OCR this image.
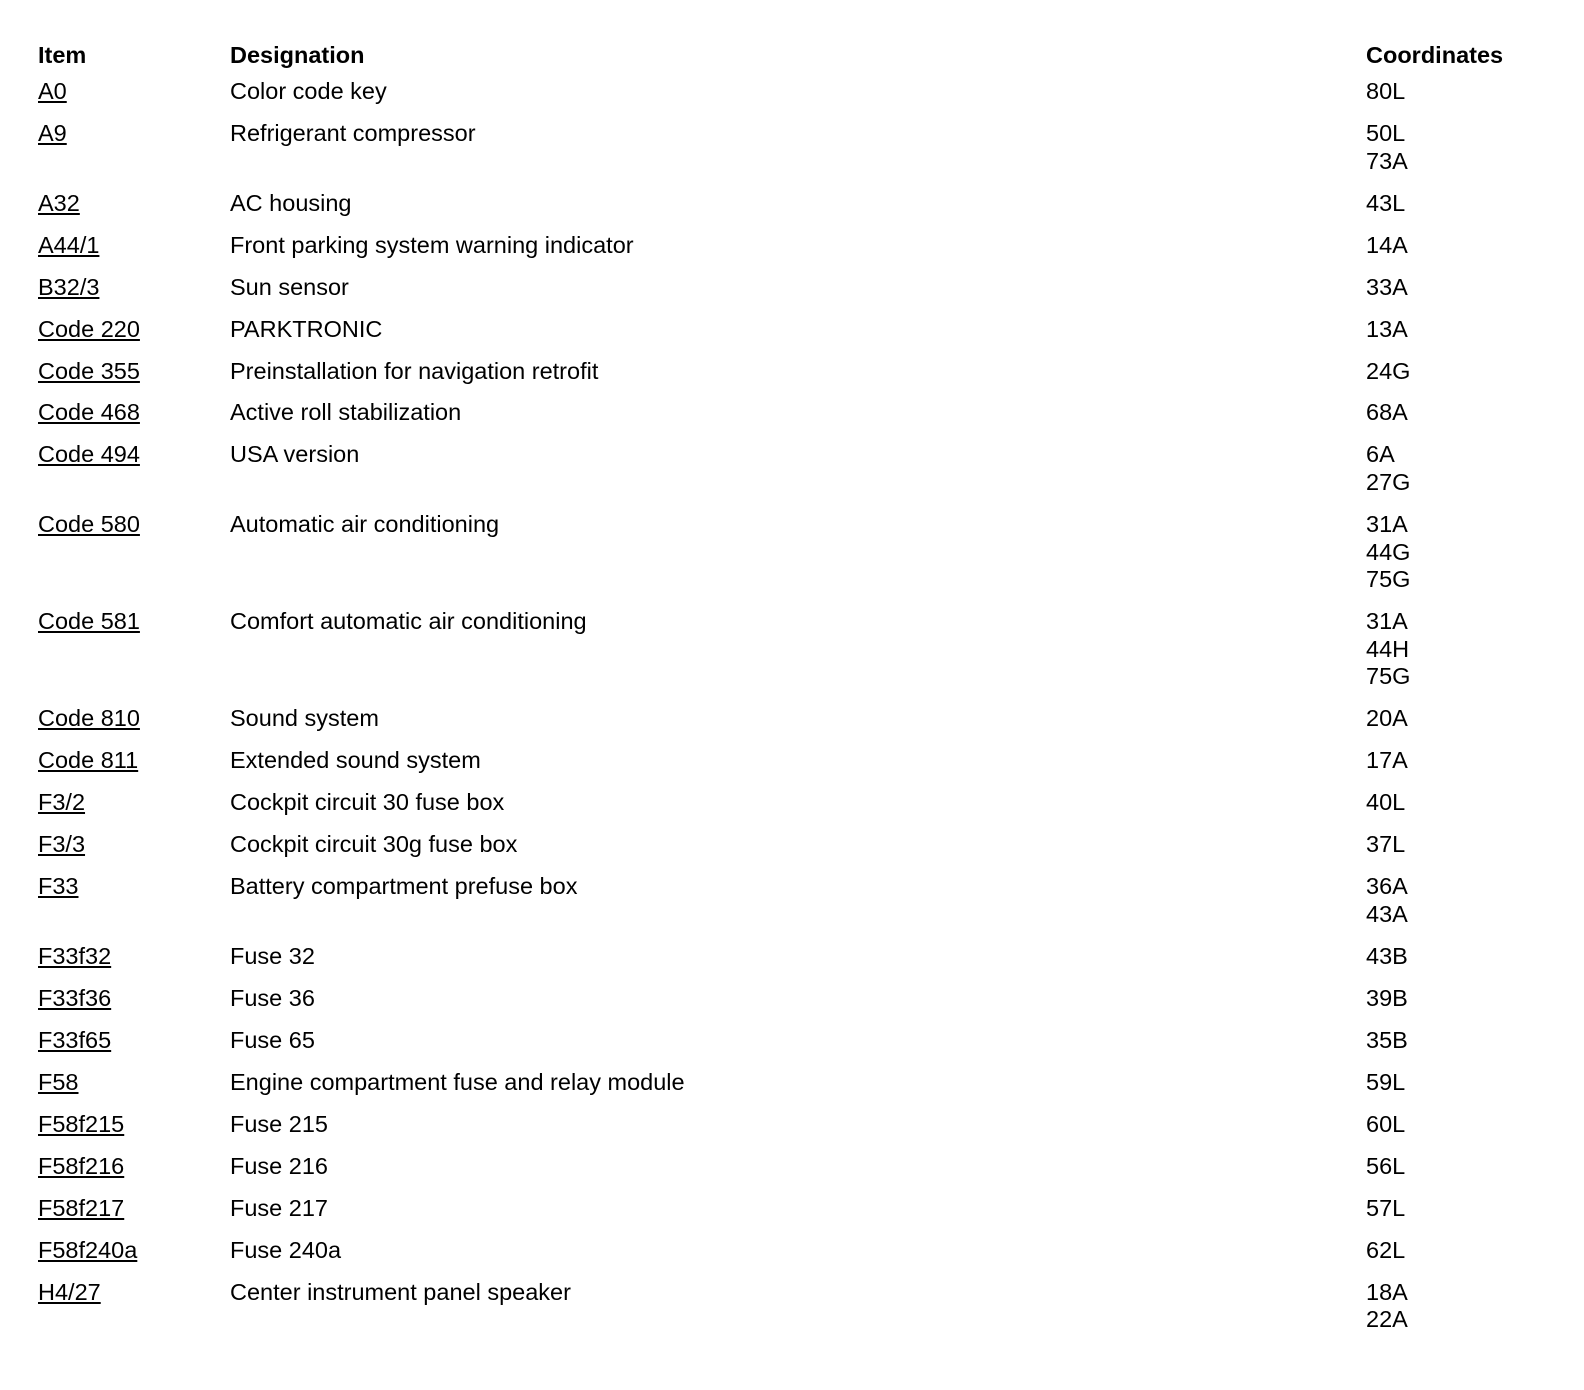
Item	Designation	Coordinates
A0	Color code key	80L

A9	Refrigerant compressor	50L
73A

A32	AC housing	43L

A44/1	Front parking system warning indicator	14A

B32/3	Sun sensor	33A

Code 220	PARKTRONIC	13A

Code 355	Preinstallation for navigation retrofit	24G

Code 468	Active roll stabilization	68A

Code 494	USA version	6A
27G

Code 580	Automatic air conditioning	31A
44G
75G

Code 581	Comfort automatic air conditioning	31A
44H
75G

Code 810	Sound system	20A

Code 811	Extended sound system	17A

F3/2	Cockpit circuit 30 fuse box	40L

F3/3	Cockpit circuit 30g fuse box	37L

F33	Battery compartment prefuse box	36A
43A

F33f32	Fuse 32	43B

F33f36	Fuse 36	39B

F33f65	Fuse 65	35B

F58	Engine compartment fuse and relay module	59L

F58f215	Fuse 215	60L

F58f216	Fuse 216	56L

F58f217	Fuse 217	57L

F58f240a	Fuse 240a	62L

H4/27	Center instrument panel speaker	18A
22A
